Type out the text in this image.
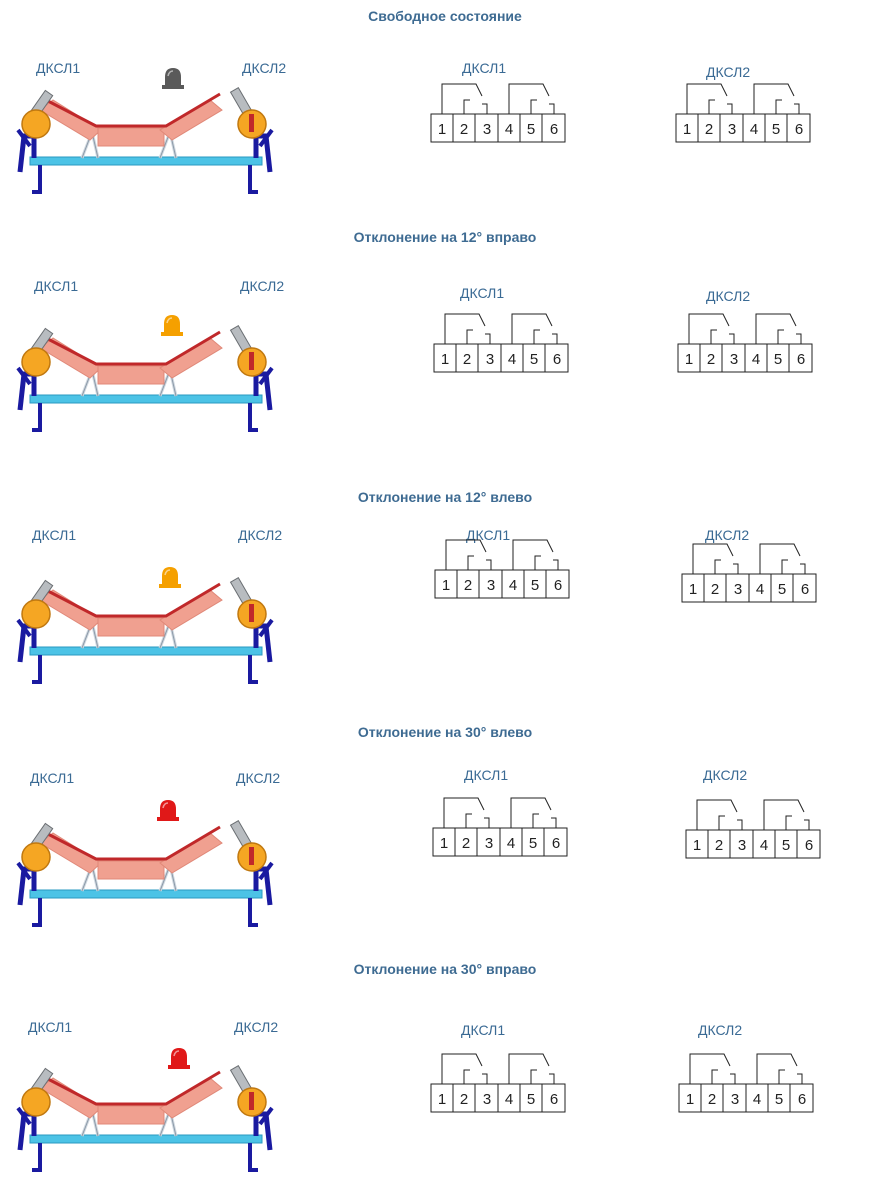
Свободное состояние
ДКСЛ1	ДКСЛ2	ДКСЛ1	ДКСЛ2
1 2 3 4 5 6	1 2 3 4 5 6
Отклонение на 12° вправо
ДКСЛ1	ДКСЛ2	ДКСЛ1	ДКСЛ2
1 2 3 4 5 6	1 2 3 4 5 6
Отклонение на 12° влево
ДКСЛ1	ДКСЛ2	ДКСЛ1	ДКСЛ2
1 2 3 4 5 6	1 2 3 4 5 6
Отклонение на 30° влево
ДКСЛ1	ДКСЛ2	ДКСЛ1	ДКСЛ2
1 2 3 4 5 6	1 2 3 4 5 6
Отклонение на 30° вправо
ДКСЛ1	ДКСЛ2	ДКСЛ1	ДКСЛ2
1 2 3 4 5 6	1 2 3 4 5 6
